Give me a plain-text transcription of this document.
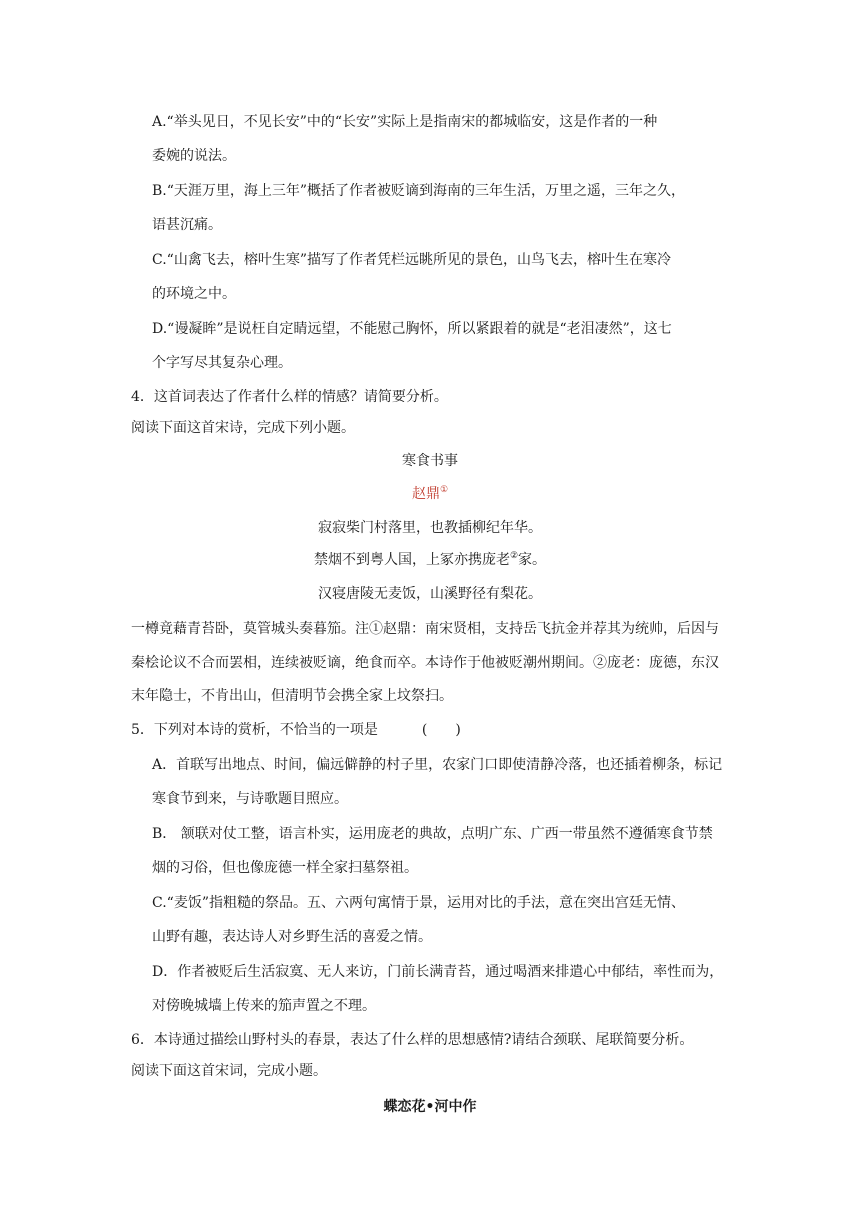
A.“举头见日，不见长安”中的“长安”实际上是指南宋的都城临安，这是作者的一种
委婉的说法。
B.“天涯万里，海上三年”概括了作者被贬谪到海南的三年生活，万里之遥，三年之久，
语甚沉痛。
C.“山禽飞去，榕叶生寒”描写了作者凭栏远眺所见的景色，山鸟飞去，榕叶生在寒冷
的环境之中。
D.“谩凝眸”是说枉自定睛远望，不能慰己胸怀，所以紧跟着的就是“老泪凄然”，这七
个字写尽其复杂心理。
4．这首词表达了作者什么样的情感？请简要分析。
阅读下面这首宋诗，完成下列小题。
寒食书事
赵鼎①
寂寂柴门村落里，也教插柳纪年华。
禁烟不到粤人国，上冢亦携庞老②家。
汉寝唐陵无麦饭，山溪野径有梨花。
一樽竟藉青苔卧，莫管城头奏暮笳。注①赵鼎：南宋贤相，支持岳飞抗金并荐其为统帅，后因与
秦桧论议不合而罢相，连续被贬谪，绝食而卒。本诗作于他被贬潮州期间。②庞老：庞德，东汉
末年隐士，不肯出山，但清明节会携全家上坟祭扫。
5．下列对本诗的赏析，不恰当的一项是	(　　)
A．首联写出地点、时间，偏远僻静的村子里，农家门口即使清静冷落，也还插着柳条，标记
寒食节到来，与诗歌题目照应。
B． 颔联对仗工整，语言朴实，运用庞老的典故，点明广东、广西一带虽然不遵循寒食节禁
烟的习俗，但也像庞德一样全家扫墓祭祖。
C.“麦饭”指粗糙的祭品。五、六两句寓情于景，运用对比的手法，意在突出宫廷无情、
山野有趣，表达诗人对乡野生活的喜爱之情。
D．作者被贬后生活寂寞、无人来访，门前长满青苔，通过喝酒来排遣心中郁结，率性而为，
对傍晚城墙上传来的笳声置之不理。
6．本诗通过描绘山野村头的春景，表达了什么样的思想感情?请结合颈联、尾联简要分析。
阅读下面这首宋词，完成小题。
蝶恋花•河中作
